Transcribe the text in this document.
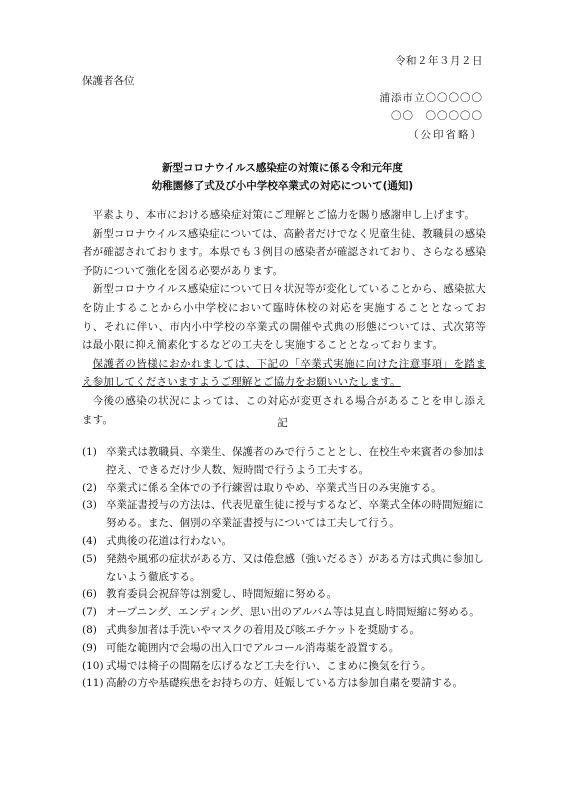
令和２年３月２日
保護者各位
浦添市立〇〇〇〇〇
〇〇　〇〇〇〇〇
（公印省略）
新型コロナウイルス感染症の対策に係る令和元年度
幼稚園修了式及び小中学校卒業式の対応について(通知)

平素より、本市における感染症対策にご理解とご協力を賜り感謝申し上げます。

新型コロナウイルス感染症については、高齢者だけでなく児童生徒、教職員の感染者が確認されております。本県でも３例目の感染者が確認されており、さらなる感染予防について強化を図る必要があります。

新型コロナウイルス感染症について日々状況等が変化していることから、感染拡大を防止することから小中学校において臨時休校の対応を実施することとなっており、それに伴い、市内小中学校の卒業式の開催や式典の形態については、式次第等は最小限に抑え簡素化するなどの工夫をし実施することとなっております。

保護者の皆様におかれましては、下記の「卒業式実施に向けた注意事項」を踏まえ参加してくださいますようご理解とご協力をお願いいたします。

今後の感染の状況によっては、この対応が変更される場合があることを申し添えます。	記
(1) 卒業式は教職員、卒業生、保護者のみで行うこととし、在校生や来賓者の参加は控え、できるだけ少人数、短時間で行うよう工夫する。
(2) 卒業式に係る全体での予行練習は取りやめ、卒業式当日のみ実施する。
(3) 卒業証書授与の方法は、代表児童生徒に授与するなど、卒業式全体の時間短縮に努める。また、個別の卒業証書授与については工夫して行う。
(4) 式典後の花道は行わない。
(5) 発熱や風邪の症状がある方、又は倦怠感（強いだるさ）がある方は式典に参加しないよう徹底する。
(6) 教育委員会祝辞等は割愛し、時間短縮に努める。
(7) オープニング、エンディング、思い出のアルバム等は見直し時間短縮に努める。
(8) 式典参加者は手洗いやマスクの着用及び咳エチケットを奨励する。
(9) 可能な範囲内で会場の出入口でアルコール消毒薬を設置する。
(10) 式場では椅子の間隔を広げるなど工夫を行い、こまめに換気を行う。
(11) 高齢の方や基礎疾患をお持ちの方、妊娠している方は参加自粛を要請する。
